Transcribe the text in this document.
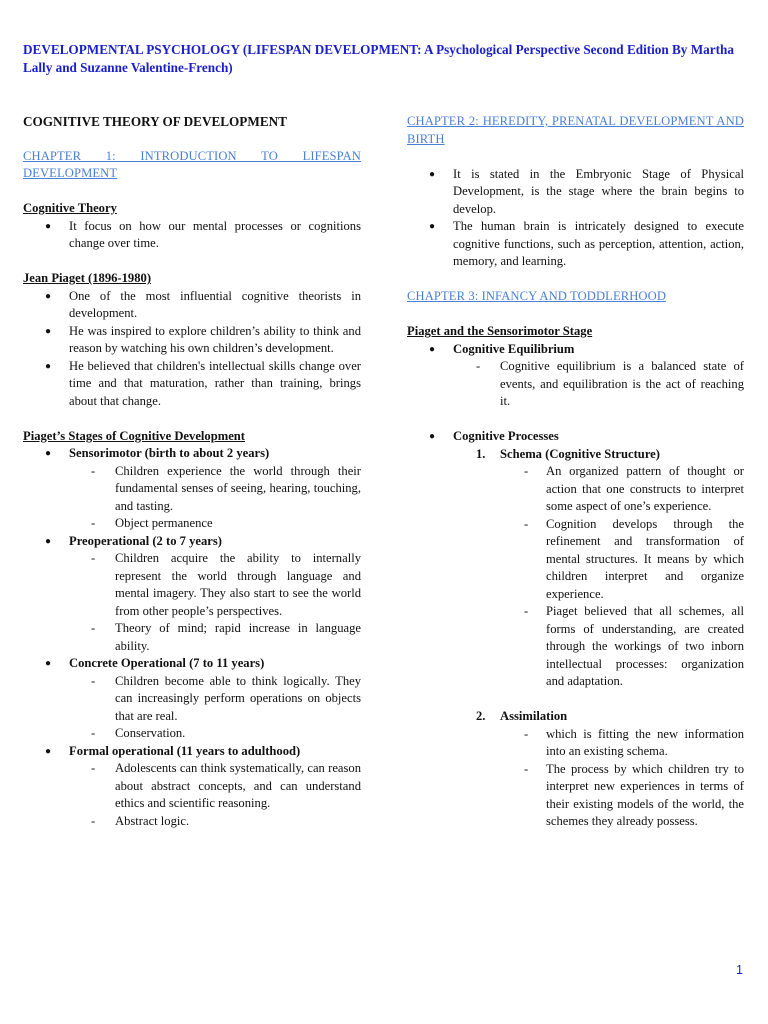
DEVELOPMENTAL PSYCHOLOGY (LIFESPAN DEVELOPMENT: A Psychological Perspective Second Edition By Martha Lally and Suzanne Valentine-French)

COGNITIVE THEORY OF DEVELOPMENT

CHAPTER 1: INTRODUCTION TO LIFESPAN DEVELOPMENT

Cognitive Theory

● It focus on how our mental processes or cognitions change over time.

Jean Piaget (1896-1980)

● One of the most influential cognitive theorists in development.
● He was inspired to explore children’s ability to think and reason by watching his own children’s development.
● He believed that children's intellectual skills change over time and that maturation, rather than training, brings about that change.

Piaget’s Stages of Cognitive Development

● Sensorimotor (birth to about 2 years)
- Children experience the world through their fundamental senses of seeing, hearing, touching, and tasting.
- Object permanence
● Preoperational (2 to 7 years)
- Children acquire the ability to internally represent the world through language and mental imagery. They also start to see the world from other people’s perspectives.
- Theory of mind; rapid increase in language ability.
● Concrete Operational (7 to 11 years)
- Children become able to think logically. They can increasingly perform operations on objects that are real.
- Conservation.
● Formal operational (11 years to adulthood)
- Adolescents can think systematically, can reason about abstract concepts, and can understand ethics and scientific reasoning.
- Abstract logic.

CHAPTER 2: HEREDITY, PRENATAL DEVELOPMENT AND BIRTH

● It is stated in the Embryonic Stage of Physical Development, is the stage where the brain begins to develop.
● The human brain is intricately designed to execute cognitive functions, such as perception, attention, action, memory, and learning.

CHAPTER 3: INFANCY AND TODDLERHOOD

Piaget and the Sensorimotor Stage

● Cognitive Equilibrium
- Cognitive equilibrium is a balanced state of events, and equilibration is the act of reaching it.
● Cognitive Processes
1. Schema (Cognitive Structure)
- An organized pattern of thought or action that one constructs to interpret some aspect of one’s experience.
- Cognition develops through the refinement and transformation of mental structures. It means by which children interpret and organize experience.
- Piaget believed that all schemes, all forms of understanding, are created through the workings of two inborn intellectual processes: organization and adaptation.
2. Assimilation
- which is fitting the new information into an existing schema.
- The process by which children try to interpret new experiences in terms of their existing models of the world, the schemes they already possess.
1
